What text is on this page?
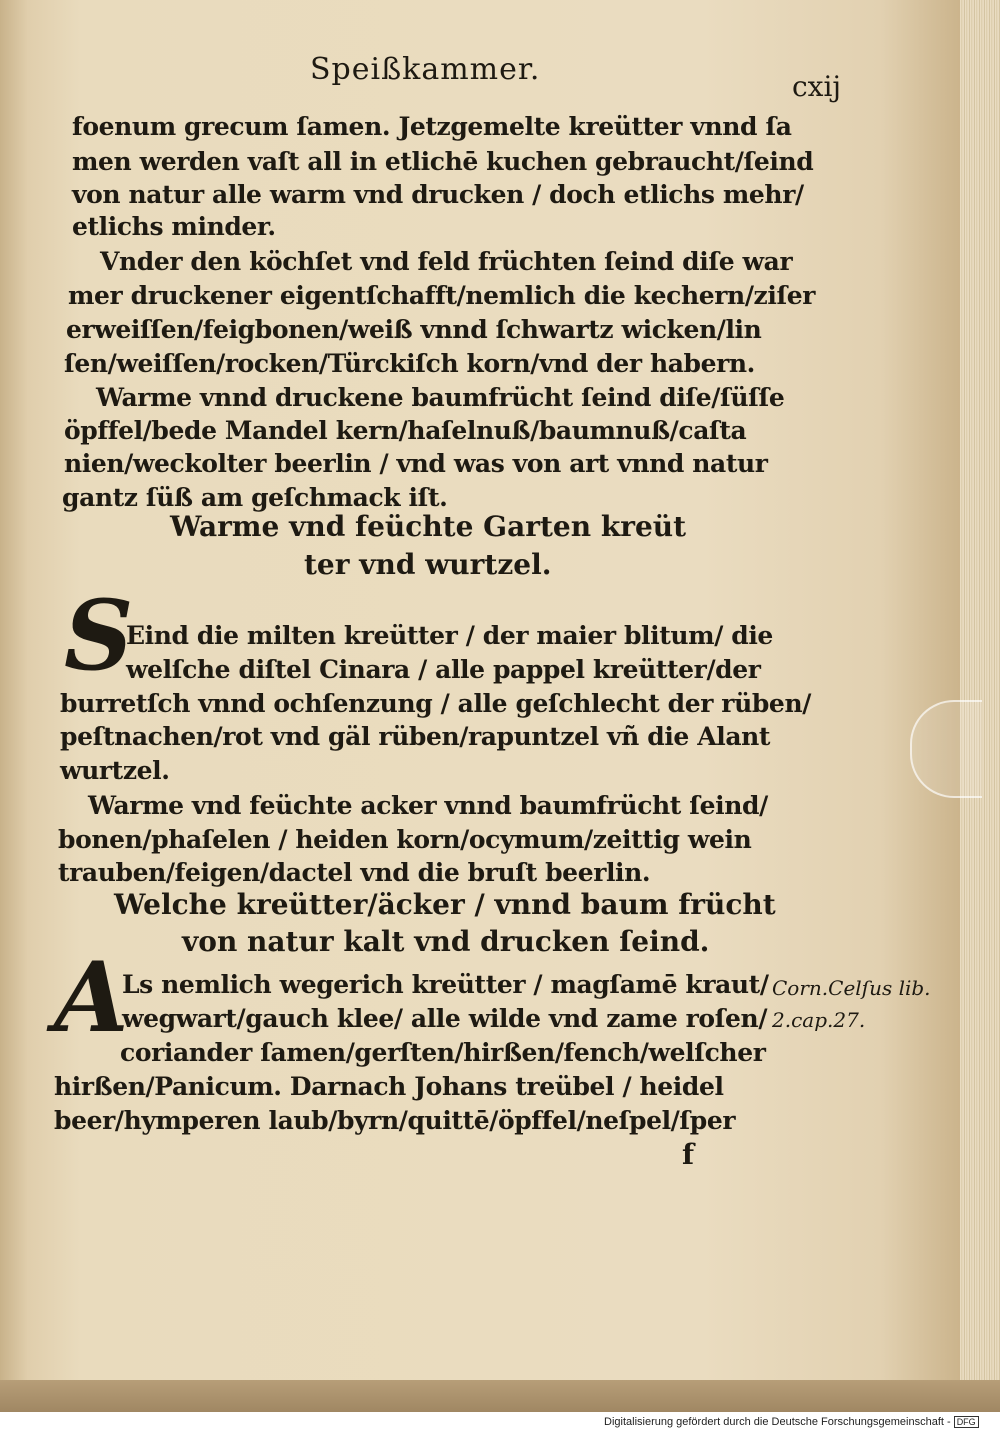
Speißkammer.	cxij
foenum grecum ſamen. Jetzgemelte kreütter vnnd ſa
men werden vaſt all in etlichē kuchen gebraucht/ſeind
von natur alle warm vnd drucken / doch etlichs mehr/
etlichs minder.
Vnder den köchſet vnd feld früchten ſeind diſe war
mer druckener eigentſchafft/nemlich die kechern/ziſer
erweiſſen/feigbonen/weiß vnnd ſchwartz wicken/lin
ſen/weiſſen/rocken/Türckiſch korn/vnd der habern.
Warme vnnd druckene baumfrücht ſeind diſe/ſüſſe
öpffel/bede Mandel kern/haſelnuß/baumnuß/caſta
nien/weckolter beerlin / vnd was von art vnnd natur
gantz ſüß am geſchmack iſt.
Warme vnd feüchte Garten kreüt
ter vnd wurtzel.
S
Eind die milten kreütter / der maier blitum/ die
welſche diſtel Cinara / alle pappel kreütter/der
burretſch vnnd ochſenzung / alle geſchlecht der rüben/
peſtnachen/rot vnd gäl rüben/rapuntzel vñ die Alant
wurtzel.
Warme vnd feüchte acker vnnd baumfrücht ſeind/
bonen/phaſelen / heiden korn/ocymum/zeittig wein
trauben/feigen/dactel vnd die bruſt beerlin.
Welche kreütter/äcker / vnnd baum frücht
von natur kalt vnd drucken ſeind.
A
Ls nemlich wegerich kreütter / magſamē kraut/
wegwart/gauch klee/ alle wilde vnd zame roſen/
coriander ſamen/gerſten/hirßen/fench/welſcher
hirßen/Panicum. Darnach Johans treübel / heidel
beer/hymperen laub/byrn/quittē/öpffel/neſpel/ſper
Corn.Celſus lib.
2.cap.27.
f
Digitalisierung gefördert durch die Deutsche Forschungsgemeinschaft - DFG
